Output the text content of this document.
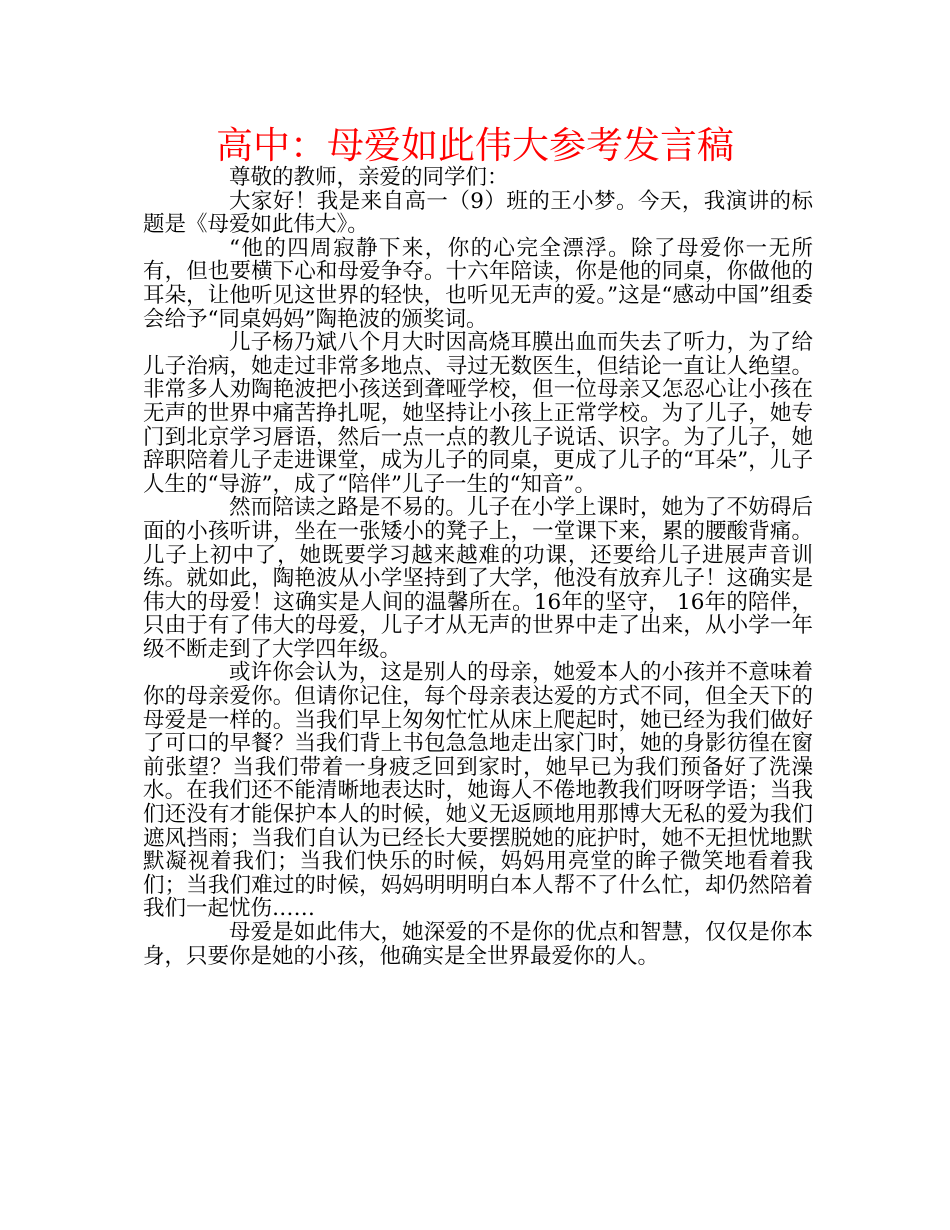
高中：母爱如此伟大参考发言稿

尊敬的教师，亲爱的同学们：

大家好！我是来自高一（9）班的王小梦。今天，我演讲的标题是《母爱如此伟大》。

“他的四周寂静下来，你的心完全漂浮。除了母爱你一无所有，但也要横下心和母爱争夺。十六年陪读，你是他的同桌，你做他的耳朵，让他听见这世界的轻快，也听见无声的爱。”这是“感动中国”组委会给予“同桌妈妈”陶艳波的颁奖词。

儿子杨乃斌八个月大时因高烧耳膜出血而失去了听力，为了给儿子治病，她走过非常多地点、寻过无数医生，但结论一直让人绝望。非常多人劝陶艳波把小孩送到聋哑学校，但一位母亲又怎忍心让小孩在无声的世界中痛苦挣扎呢，她坚持让小孩上正常学校。为了儿子，她专门到北京学习唇语，然后一点一点的教儿子说话、识字。为了儿子，她辞职陪着儿子走进课堂，成为儿子的同桌，更成了儿子的“耳朵”，儿子人生的“导游”，成了“陪伴”儿子一生的“知音”。

然而陪读之路是不易的。儿子在小学上课时，她为了不妨碍后面的小孩听讲，坐在一张矮小的凳子上，一堂课下来，累的腰酸背痛。儿子上初中了，她既要学习越来越难的功课，还要给儿子进展声音训练。就如此，陶艳波从小学坚持到了大学，他没有放弃儿子！这确实是伟大的母爱！这确实是人间的温馨所在。16年的坚守， 16年的陪伴，只由于有了伟大的母爱，儿子才从无声的世界中走了出来，从小学一年级不断走到了大学四年级。

或许你会认为，这是别人的母亲，她爱本人的小孩并不意味着你的母亲爱你。但请你记住，每个母亲表达爱的方式不同，但全天下的母爱是一样的。当我们早上匆匆忙忙从床上爬起时，她已经为我们做好了可口的早餐？当我们背上书包急急地走出家门时，她的身影彷徨在窗前张望？当我们带着一身疲乏回到家时，她早已为我们预备好了洗澡水。在我们还不能清晰地表达时，她诲人不倦地教我们呀呀学语；当我们还没有才能保护本人的时候，她义无返顾地用那博大无私的爱为我们遮风挡雨；当我们自认为已经长大要摆脱她的庇护时，她不无担忧地默默凝视着我们；当我们快乐的时候，妈妈用亮堂的眸子微笑地看着我们；当我们难过的时候，妈妈明明明白本人帮不了什么忙，却仍然陪着我们一起忧伤……

母爱是如此伟大，她深爱的不是你的优点和智慧，仅仅是你本身，只要你是她的小孩，他确实是全世界最爱你的人。
